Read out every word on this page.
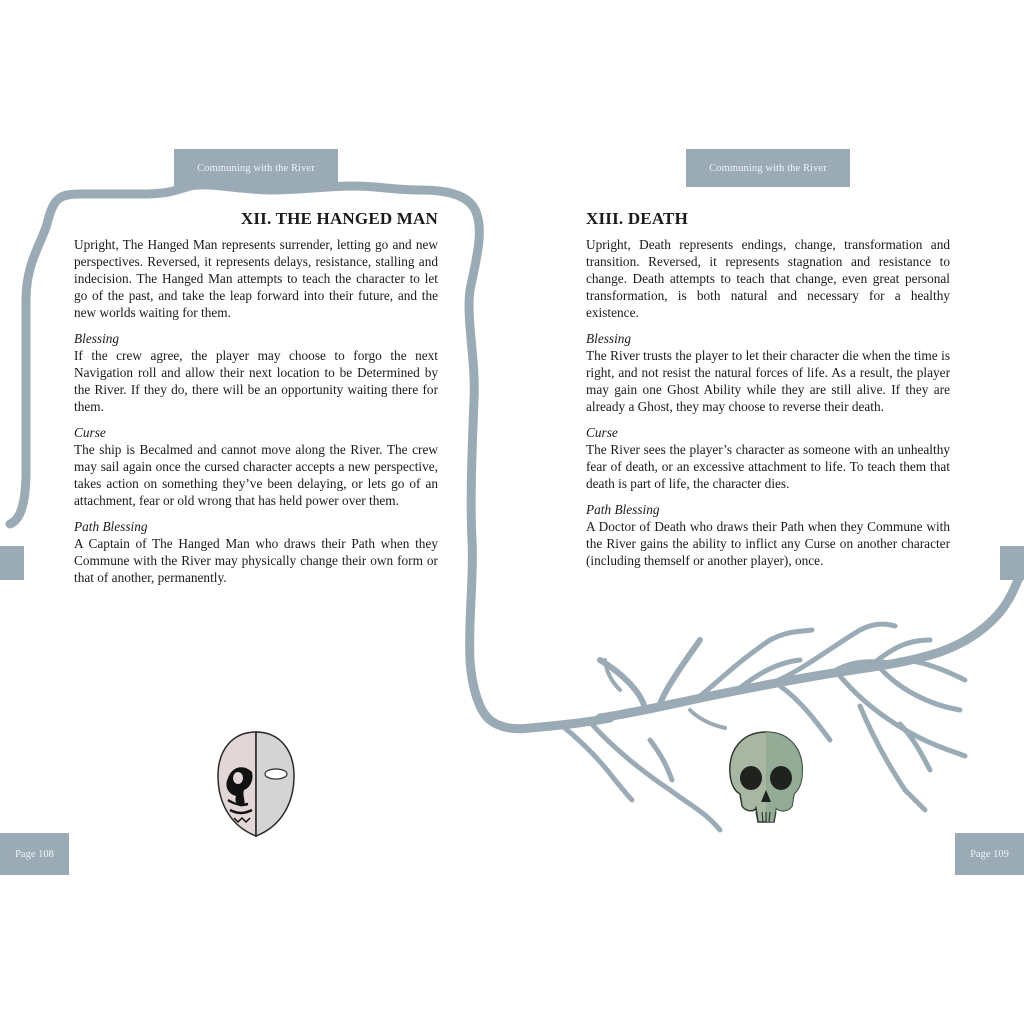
Communing with the River	Communing with the River
XII. THE HANGED MAN

Upright, The Hanged Man represents surrender, letting go and new perspectives. Reversed, it represents delays, resistance, stalling and indecision. The Hanged Man attempts to teach the character to let go of the past, and take the leap forward into their future, and the new worlds waiting for them.

Blessing

If the crew agree, the player may choose to forgo the next Navigation roll and allow their next location to be Determined by the River. If they do, there will be an opportunity waiting there for them.

Curse

The ship is Becalmed and cannot move along the River. The crew may sail again once the cursed character accepts a new perspective, takes action on something they’ve been delaying, or lets go of an attachment, fear or old wrong that has held power over them.

Path Blessing

A Captain of The Hanged Man who draws their Path when they Commune with the River may physically change their own form or that of another, permanently.

XIII. DEATH

Upright, Death represents endings, change, transformation and transition. Reversed, it represents stagnation and resistance to change. Death attempts to teach that change, even great personal transformation, is both natural and necessary for a healthy existence.

Blessing

The River trusts the player to let their character die when the time is right, and not resist the natural forces of life. As a result, the player may gain one Ghost Ability while they are still alive. If they are already a Ghost, they may choose to reverse their death.

Curse

The River sees the player’s character as someone with an unhealthy fear of death, or an excessive attachment to life. To teach them that death is part of life, the character dies.

Path Blessing

A Doctor of Death who draws their Path when they Commune with the River gains the ability to inflict any Curse on another character (including themself or another player), once.

Page 108	Page 109
